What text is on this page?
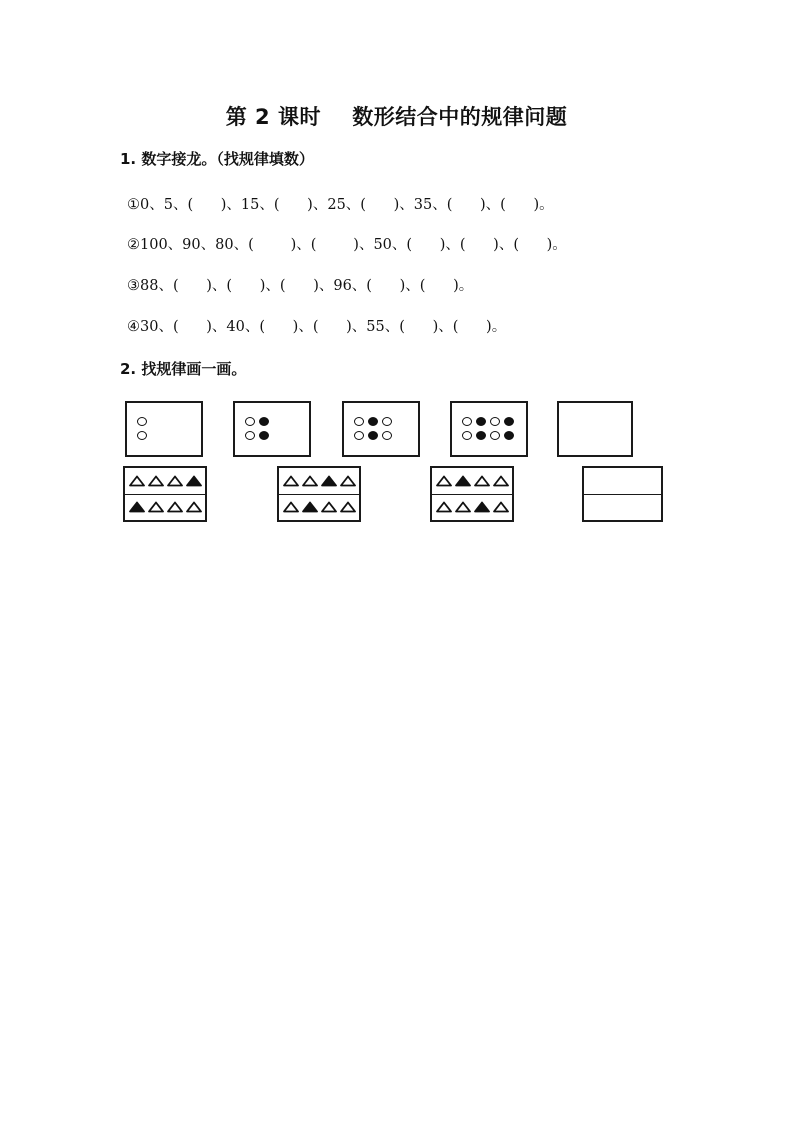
第 2 课时    数形结合中的规律问题
1. 数字接龙。（找规律填数）
①0、5、(      )、15、(      )、25、(      )、35、(      )、(      )。
②100、90、80、(        )、(        )、50、(      )、(      )、(      )。
③88、(      )、(      )、(      )、96、(      )、(      )。
④30、(      )、40、(      )、(      )、55、(      )、(      )。
2. 找规律画一画。
